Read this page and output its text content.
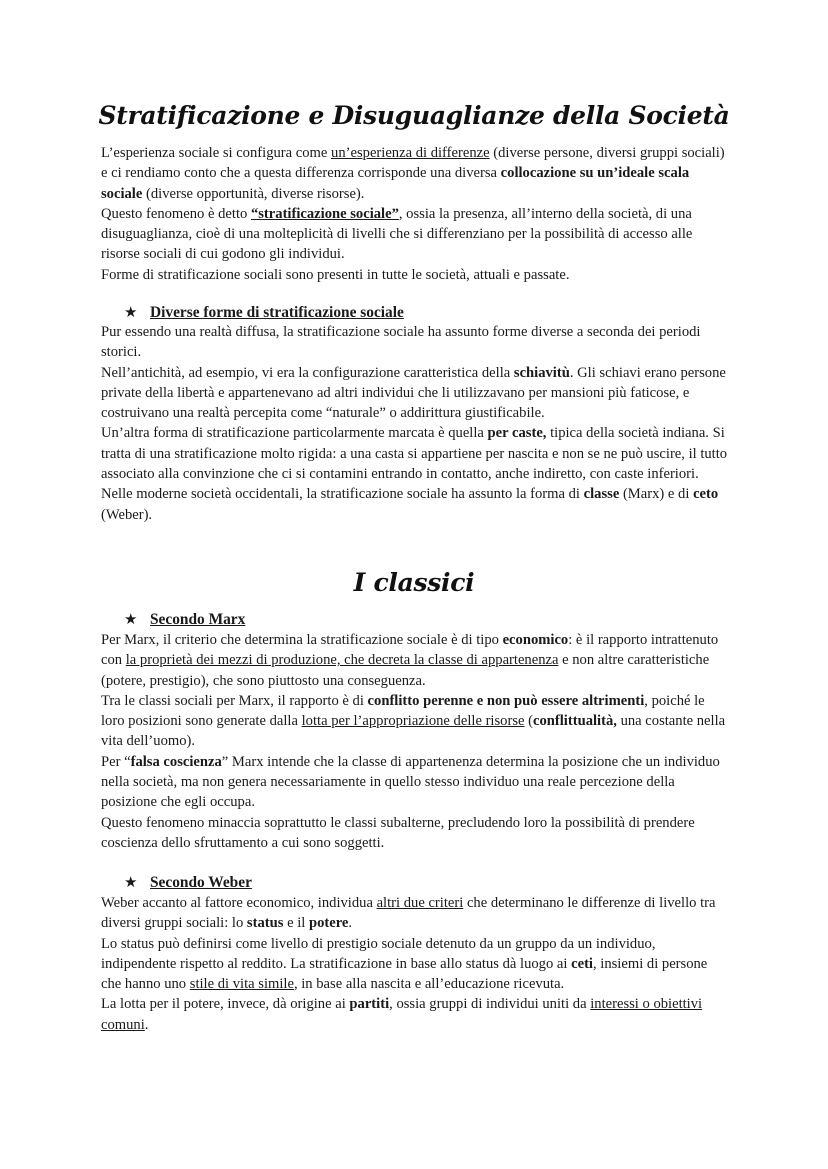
Stratificazione e Disuguaglianze della Società

L’esperienza sociale si configura come un’esperienza di differenze (diverse persone, diversi gruppi sociali) e ci rendiamo conto che a questa differenza corrisponde una diversa collocazione su un’ideale scala sociale (diverse opportunità, diverse risorse).

Questo fenomeno è detto “stratificazione sociale”, ossia la presenza, all’interno della società, di una disuguaglianza, cioè di una molteplicità di livelli che si differenziano per la possibilità di accesso alle risorse sociali di cui godono gli individui.

Forme di stratificazione sociali sono presenti in tutte le società, attuali e passate.

★ Diverse forme di stratificazione sociale

Pur essendo una realtà diffusa, la stratificazione sociale ha assunto forme diverse a seconda dei periodi storici.

Nell’antichità, ad esempio, vi era la configurazione caratteristica della schiavitù. Gli schiavi erano persone private della libertà e appartenevano ad altri individui che li utilizzavano per mansioni più faticose, e costruivano una realtà percepita come “naturale” o addirittura giustificabile.

Un’altra forma di stratificazione particolarmente marcata è quella per caste, tipica della società indiana. Si tratta di una stratificazione molto rigida: a una casta si appartiene per nascita e non se ne può uscire, il tutto associato alla convinzione che ci si contamini entrando in contatto, anche indiretto, con caste inferiori.

Nelle moderne società occidentali, la stratificazione sociale ha assunto la forma di classe (Marx) e di ceto (Weber).

I classici
★ Secondo Marx

Per Marx, il criterio che determina la stratificazione sociale è di tipo economico: è il rapporto intrattenuto con la proprietà dei mezzi di produzione, che decreta la classe di appartenenza e non altre caratteristiche (potere, prestigio), che sono piuttosto una conseguenza.

Tra le classi sociali per Marx, il rapporto è di conflitto perenne e non può essere altrimenti, poiché le loro posizioni sono generate dalla lotta per l’appropriazione delle risorse (conflittualità, una costante nella vita dell’uomo).

Per “falsa coscienza” Marx intende che la classe di appartenenza determina la posizione che un individuo nella società, ma non genera necessariamente in quello stesso individuo una reale percezione della posizione che egli occupa.

Questo fenomeno minaccia soprattutto le classi subalterne, precludendo loro la possibilità di prendere coscienza dello sfruttamento a cui sono soggetti.

★ Secondo Weber

Weber accanto al fattore economico, individua altri due criteri che determinano le differenze di livello tra diversi gruppi sociali: lo status e il potere.

Lo status può definirsi come livello di prestigio sociale detenuto da un gruppo da un individuo, indipendente rispetto al reddito. La stratificazione in base allo status dà luogo ai ceti, insiemi di persone che hanno uno stile di vita simile, in base alla nascita e all’educazione ricevuta.

La lotta per il potere, invece, dà origine ai partiti, ossia gruppi di individui uniti da interessi o obiettivi comuni.
